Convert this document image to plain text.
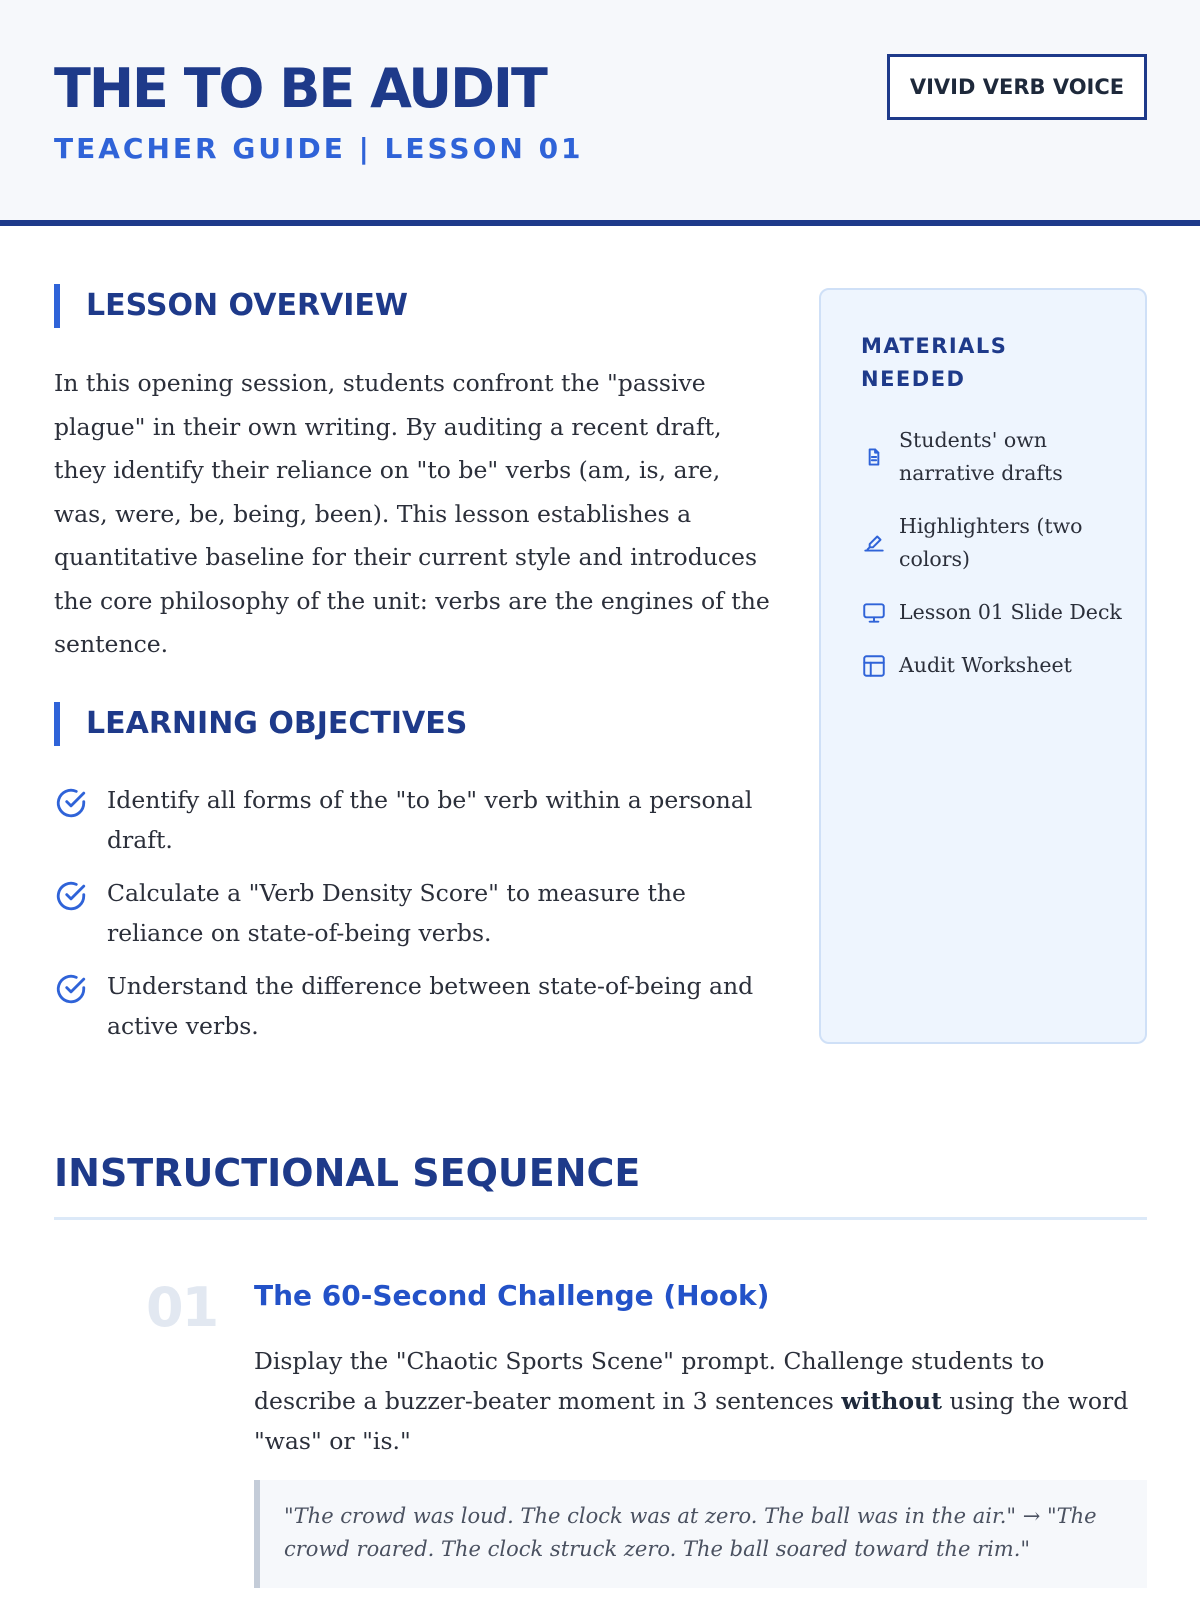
THE TO BE AUDIT
TEACHER GUIDE | LESSON 01
VIVID VERB VOICE
LESSON OVERVIEW

In this opening session, students confront the "passive plague" in their own writing. By auditing a recent draft, they identify their reliance on "to be" verbs (am, is, are, was, were, be, being, been). This lesson establishes a quantitative baseline for their current style and introduces the core philosophy of the unit: verbs are the engines of the sentence.

LEARNING OBJECTIVES
Identify all forms of the "to be" verb within a personal draft.
Calculate a "Verb Density Score" to measure the reliance on state-of-being verbs.
Understand the difference between state-of-being and active verbs.
MATERIALS NEEDED
Students' own narrative drafts
Highlighters (two colors)
Lesson 01 Slide Deck
Audit Worksheet
INSTRUCTIONAL SEQUENCE
01 The 60-Second Challenge (Hook)

Display the "Chaotic Sports Scene" prompt. Challenge students to describe a buzzer-beater moment in 3 sentences without using the word "was" or "is."

"The crowd was loud. The clock was at zero. The ball was in the air." → "The crowd roared. The clock struck zero. The ball soared toward the rim."
